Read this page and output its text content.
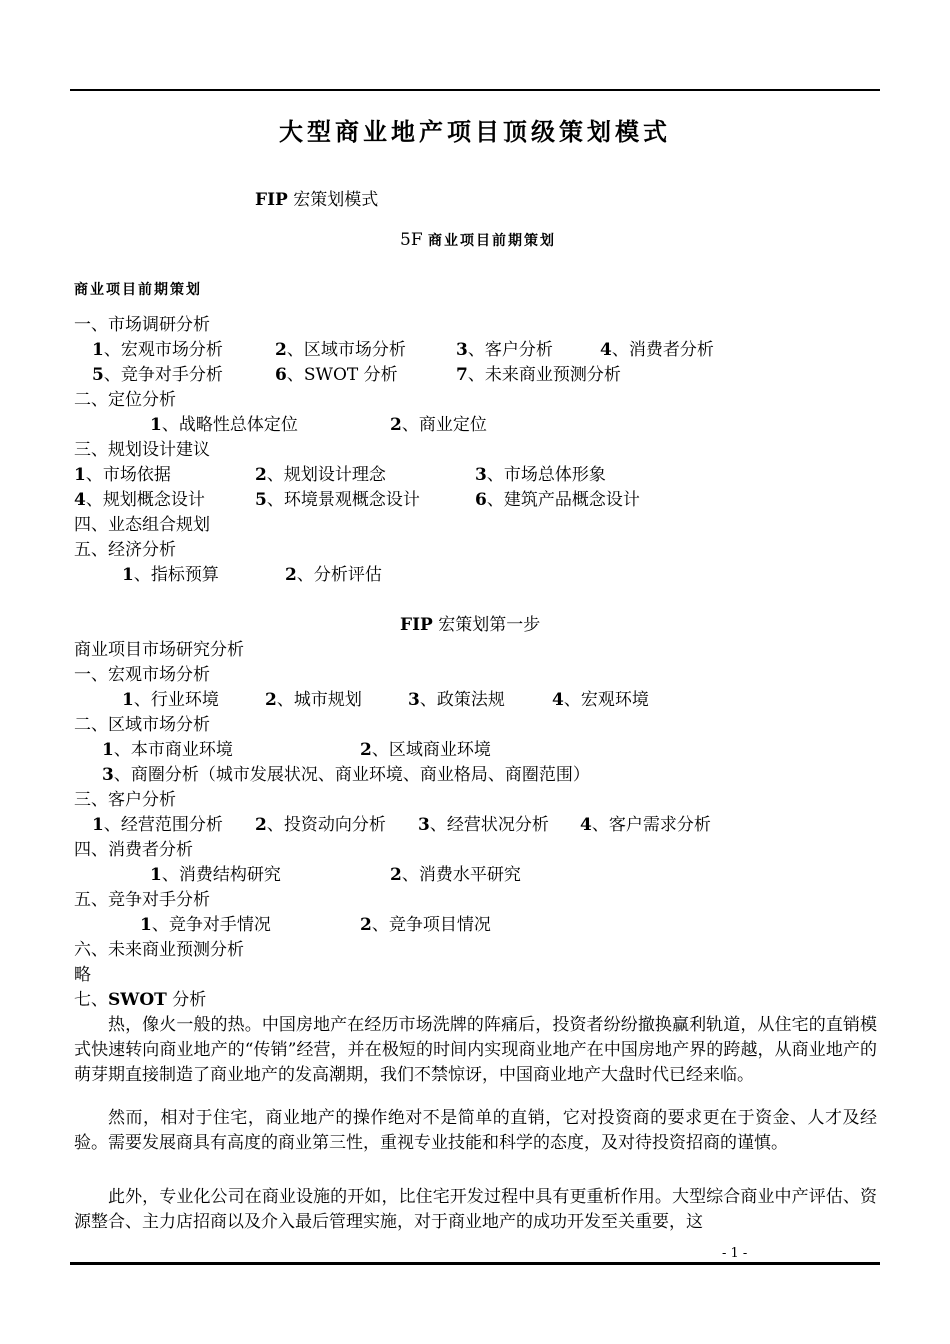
大型商业地产项目顶级策划模式
FIP 宏策划模式
5F 商业项目前期策划
商业项目前期策划
一、市场调研分析
1、宏观市场分析	2、区域市场分析	3、客户分析	4、消费者分析
5、竞争对手分析	6、SWOT 分析	7、未来商业预测分析
二、定位分析
1、战略性总体定位	2、商业定位
三、规划设计建议
1、市场依据	2、规划设计理念	3、市场总体形象
4、规划概念设计	5、环境景观概念设计	6、建筑产品概念设计
四、业态组合规划
五、经济分析
1、指标预算	2、分析评估
FIP 宏策划第一步
商业项目市场研究分析
一、宏观市场分析
1、行业环境	2、城市规划	3、政策法规	4、宏观环境
二、区域市场分析
1、本市商业环境	2、区域商业环境
3、商圈分析（城市发展状况、商业环境、商业格局、商圈范围）
三、客户分析
1、经营范围分析 2、投资动向分析 3、经营状况分析 4、客户需求分析
四、消费者分析
1、消费结构研究	2、消费水平研究
五、竞争对手分析
1、竞争对手情况	2、竞争项目情况
六、未来商业预测分析
略
七、SWOT 分析

热，像火一般的热。中国房地产在经历市场洗牌的阵痛后，投资者纷纷撤换赢利轨道，从住宅的直销模式快速转向商业地产的“传销”经营，并在极短的时间内实现商业地产在中国房地产界的跨越，从商业地产的萌芽期直接制造了商业地产的发高潮期，我们不禁惊讶，中国商业地产大盘时代已经来临。

然而，相对于住宅，商业地产的操作绝对不是简单的直销，它对投资商的要求更在于资金、人才及经验。需要发展商具有高度的商业第三性，重视专业技能和科学的态度，及对待投资招商的谨慎。

此外，专业化公司在商业设施的开如，比住宅开发过程中具有更重析作用。大型综合商业中产评估、资源整合、主力店招商以及介入最后管理实施，对于商业地产的成功开发至关重要，这

- 1 -
